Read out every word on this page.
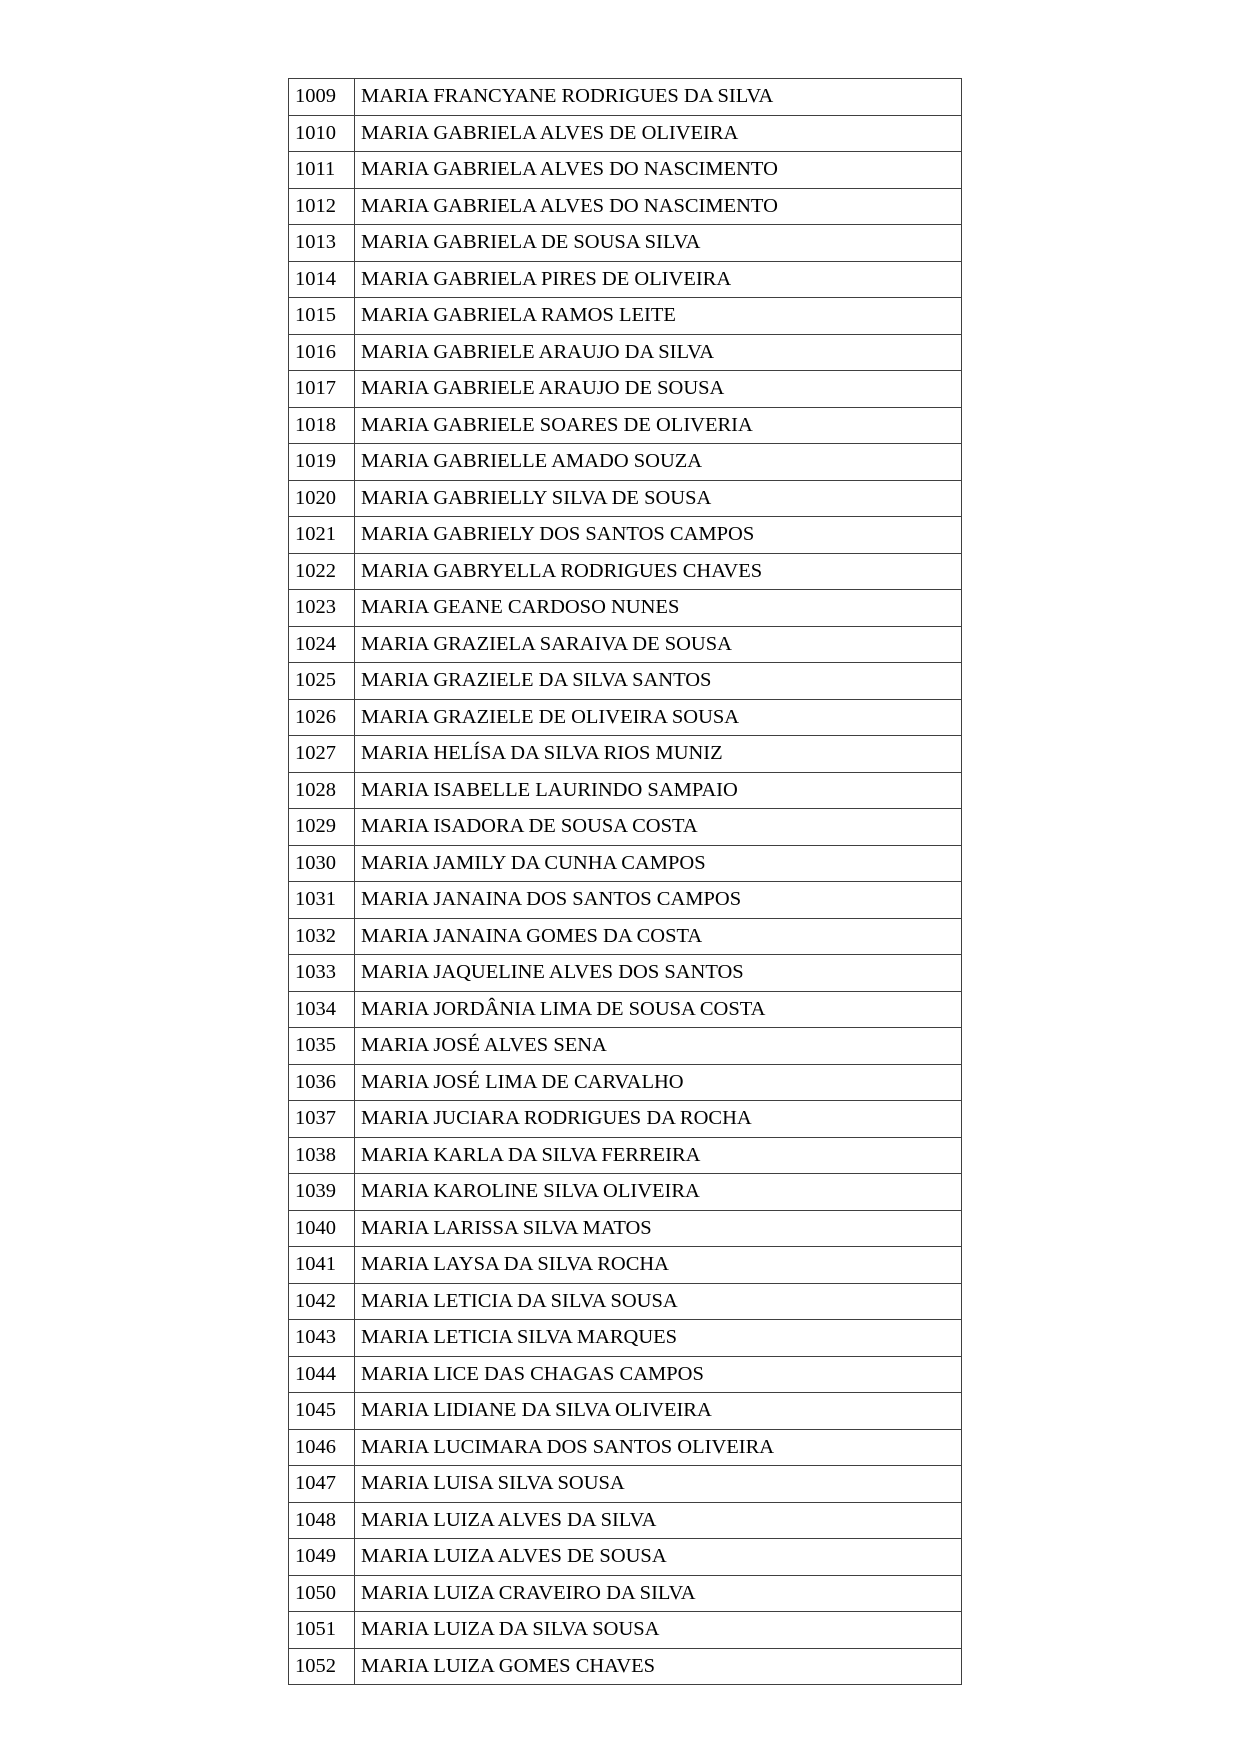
1009	MARIA FRANCYANE RODRIGUES DA SILVA
1010	MARIA GABRIELA ALVES DE OLIVEIRA
1011	MARIA GABRIELA ALVES DO NASCIMENTO
1012	MARIA GABRIELA ALVES DO NASCIMENTO
1013	MARIA GABRIELA DE SOUSA SILVA
1014	MARIA GABRIELA PIRES DE OLIVEIRA
1015	MARIA GABRIELA RAMOS LEITE
1016	MARIA GABRIELE ARAUJO DA SILVA
1017	MARIA GABRIELE ARAUJO DE SOUSA
1018	MARIA GABRIELE SOARES DE OLIVERIA
1019	MARIA GABRIELLE AMADO SOUZA
1020	MARIA GABRIELLY SILVA DE SOUSA
1021	MARIA GABRIELY DOS SANTOS CAMPOS
1022	MARIA GABRYELLA RODRIGUES CHAVES
1023	MARIA GEANE CARDOSO NUNES
1024	MARIA GRAZIELA SARAIVA DE SOUSA
1025	MARIA GRAZIELE DA SILVA SANTOS
1026	MARIA GRAZIELE DE OLIVEIRA SOUSA
1027	MARIA HELÍSA DA SILVA RIOS MUNIZ
1028	MARIA ISABELLE LAURINDO SAMPAIO
1029	MARIA ISADORA DE SOUSA COSTA
1030	MARIA JAMILY DA CUNHA CAMPOS
1031	MARIA JANAINA DOS SANTOS CAMPOS
1032	MARIA JANAINA GOMES DA COSTA
1033	MARIA JAQUELINE ALVES DOS SANTOS
1034	MARIA JORDÂNIA LIMA DE SOUSA COSTA
1035	MARIA JOSÉ ALVES SENA
1036	MARIA JOSÉ LIMA DE CARVALHO
1037	MARIA JUCIARA RODRIGUES DA ROCHA
1038	MARIA KARLA DA SILVA FERREIRA
1039	MARIA KAROLINE SILVA OLIVEIRA
1040	MARIA LARISSA SILVA MATOS
1041	MARIA LAYSA DA SILVA ROCHA
1042	MARIA LETICIA DA SILVA SOUSA
1043	MARIA LETICIA SILVA MARQUES
1044	MARIA LICE DAS CHAGAS CAMPOS
1045	MARIA LIDIANE DA SILVA OLIVEIRA
1046	MARIA LUCIMARA DOS SANTOS OLIVEIRA
1047	MARIA LUISA SILVA SOUSA
1048	MARIA LUIZA ALVES DA SILVA
1049	MARIA LUIZA ALVES DE SOUSA
1050	MARIA LUIZA CRAVEIRO DA SILVA
1051	MARIA LUIZA DA SILVA SOUSA
1052	MARIA LUIZA GOMES CHAVES
